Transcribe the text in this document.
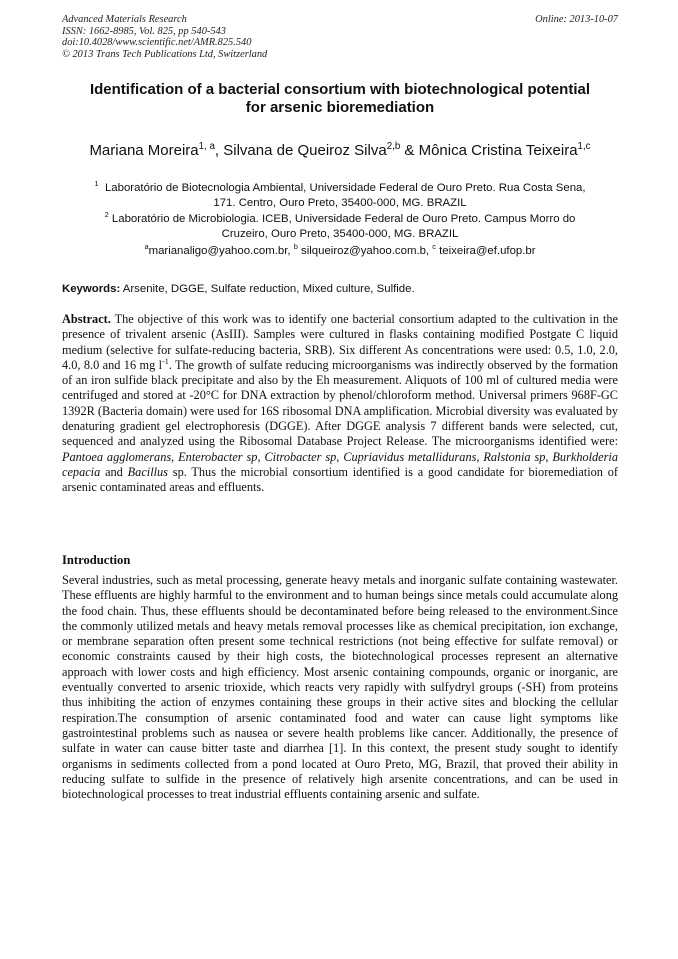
Advanced Materials Research
ISSN: 1662-8985, Vol. 825, pp 540-543
doi:10.4028/www.scientific.net/AMR.825.540
© 2013 Trans Tech Publications Ltd, Switzerland
Online: 2013-10-07
Identification of a bacterial consortium with biotechnological potential
for arsenic bioremediation
Mariana Moreira$^{1, a}$, Silvana de Queiroz Silva$^{2,b}$ & Mônica Cristina Teixeira$^{1,c}$
$^1$ Laboratório de Biotecnologia Ambiental, Universidade Federal de Ouro Preto. Rua Costa Sena,
171. Centro, Ouro Preto, 35400-000, MG. BRAZIL
$^2$ Laboratório de Microbiologia. ICEB, Universidade Federal de Ouro Preto. Campus Morro do
Cruzeiro, Ouro Preto, 35400-000, MG. BRAZIL
$^a$marianaligo@yahoo.com.br, $^b$ silqueiroz@yahoo.com.b, $^c$ teixeira@ef.ufop.br
Keywords: Arsenite, DGGE, Sulfate reduction, Mixed culture, Sulfide.
Abstract. The objective of this work was to identify one bacterial consortium adapted to the cultivation in the presence of trivalent arsenic (AsIII). Samples were cultured in flasks containing modified Postgate C liquid medium (selective for sulfate-reducing bacteria, SRB). Six different As concentrations were used: 0.5, 1.0, 2.0, 4.0, 8.0 and 16 mg $l^{-1}$. The growth of sulfate reducing microorganisms was indirectly observed by the formation of an iron sulfide black precipitate and also by the Eh measurement. Aliquots of 100 ml of cultured media were centrifuged and stored at -20°C for DNA extraction by phenol/chloroform method. Universal primers 968F-GC 1392R (Bacteria domain) were used for 16S ribosomal DNA amplification. Microbial diversity was evaluated by denaturing gradient gel electrophoresis (DGGE). After DGGE analysis 7 different bands were selected, cut, sequenced and analyzed using the Ribosomal Database Project Release. The microorganisms identified were: Pantoea agglomerans, Enterobacter sp, Citrobacter sp, Cupriavidus metallidurans, Ralstonia sp, Burkholderia cepacia and Bacillus sp. Thus the microbial consortium identified is a good candidate for bioremediation of arsenic contaminated areas and effluents.
Introduction
Several industries, such as metal processing, generate heavy metals and inorganic sulfate containing wastewater. These effluents are highly harmful to the environment and to human beings since metals could accumulate along the food chain. Thus, these effluents should be decontaminated before being released to the environment.Since the commonly utilized metals and heavy metals removal processes like as chemical precipitation, ion exchange, or membrane separation often present some technical restrictions (not being effective for sulfate removal) or economic constraints caused by their high costs, the biotechnological processes represent an alternative approach with lower costs and high efficiency. Most arsenic containing compounds, organic or inorganic, are eventually converted to arsenic trioxide, which reacts very rapidly with sulfydryl groups (-SH) from proteins thus inhibiting the action of enzymes containing these groups in their active sites and blocking the cellular respiration.The consumption of arsenic contaminated food and water can cause light symptoms like gastrointestinal problems such as nausea or severe health problems like cancer. Additionally, the presence of sulfate in water can cause bitter taste and diarrhea [1]. In this context, the present study sought to identify organisms in sediments collected from a pond located at Ouro Preto, MG, Brazil, that proved their ability in reducing sulfate to sulfide in the presence of relatively high arsenite concentrations, and can be used in biotechnological processes to treat industrial effluents containing arsenic and sulfate.
